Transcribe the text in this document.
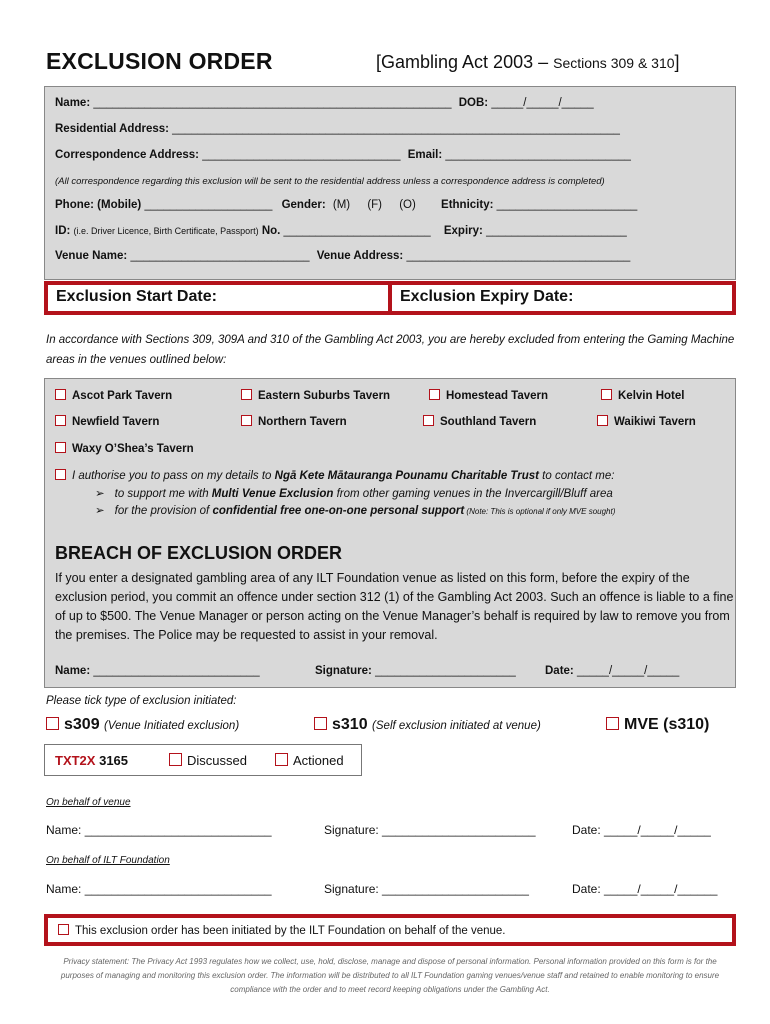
EXCLUSION ORDER	[Gambling Act 2003 – Sections 309 & 310]
Name: ________________________________________________________ DOB: _____/_____/_____
Residential Address: ______________________________________________________________________
Correspondence Address: _______________________________ Email: _____________________________
(All correspondence regarding this exclusion will be sent to the residential address unless a correspondence address is completed)
Phone: (Mobile) ____________________ Gender: (M) (F) (O) Ethnicity: ______________________
ID: (i.e. Driver Licence, Birth Certificate, Passport) No. _______________________ Expiry: ______________________
Venue Name: ____________________________ Venue Address: ___________________________________
Exclusion Start Date:	Exclusion Expiry Date:
In accordance with Sections 309, 309A and 310 of the Gambling Act 2003, you are hereby excluded from entering the Gaming Machine areas in the venues outlined below:
Ascot Park Tavern	Eastern Suburbs Tavern	Homestead Tavern	Kelvin Hotel
Newfield Tavern	Northern Tavern	Southland Tavern	Waikiwi Tavern
Waxy O’Shea’s Tavern
I authorise you to pass on my details to Ngā Kete Mātauranga Pounamu Charitable Trust to contact me:
➢ to support me with Multi Venue Exclusion from other gaming venues in the Invercargill/Bluff area
➢ for the provision of confidential free one-on-one personal support (Note: This is optional if only MVE sought)
BREACH OF EXCLUSION ORDER
If you enter a designated gambling area of any ILT Foundation venue as listed on this form, before the expiry of the exclusion period, you commit an offence under section 312 (1) of the Gambling Act 2003. Such an offence is liable to a fine of up to $500. The Venue Manager or person acting on the Venue Manager’s behalf is required by law to remove you from the premises. The Police may be requested to assist in your removal.
Name: __________________________	Signature: ______________________	Date: _____/_____/_____
Please tick type of exclusion initiated:
s309 (Venue Initiated exclusion)	s310 (Self exclusion initiated at venue)	MVE (s310)
TXT2X 3165	Discussed	Actioned
On behalf of venue
Name: ____________________________	Signature: _______________________	Date: _____/_____/_____
On behalf of ILT Foundation
Name: ____________________________	Signature: ______________________	Date: _____/_____/______
This exclusion order has been initiated by the ILT Foundation on behalf of the venue.
Privacy statement: The Privacy Act 1993 regulates how we collect, use, hold, disclose, manage and dispose of personal information. Personal information provided on this form is for the purposes of managing and monitoring this exclusion order. The information will be distributed to all ILT Foundation gaming venues/venue staff and retained to enable monitoring to ensure compliance with the order and to meet record keeping obligations under the Gambling Act.
